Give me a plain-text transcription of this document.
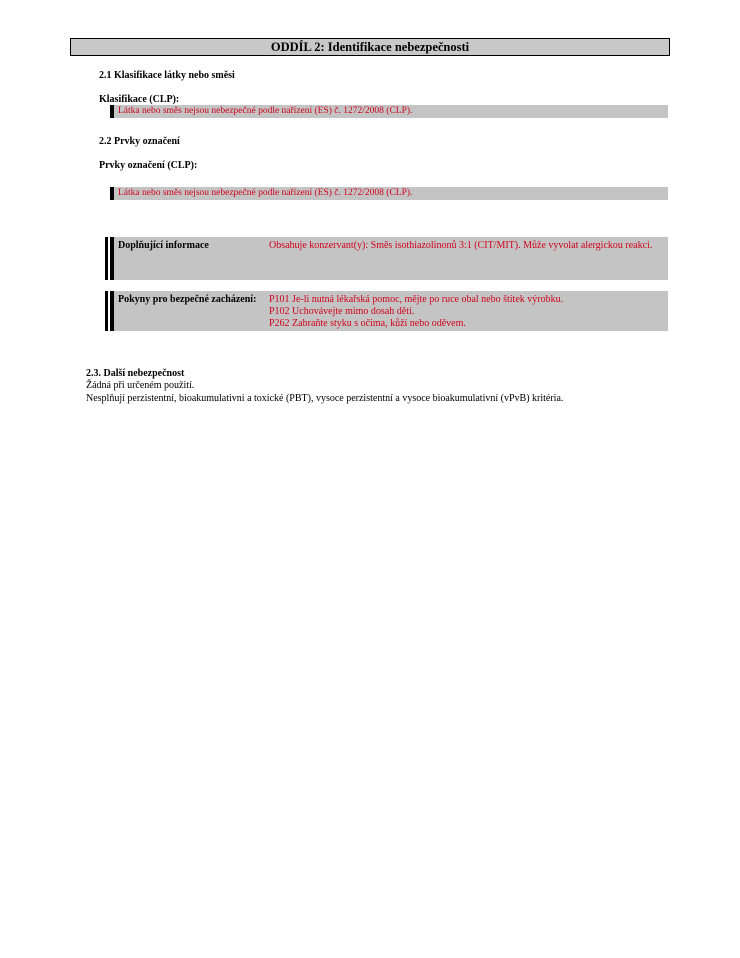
ODDÍL 2: Identifikace nebezpečnosti
2.1 Klasifikace látky nebo směsi
Klasifikace (CLP):
Látka nebo směs nejsou nebezpečné podle nařízení (ES) č. 1272/2008 (CLP).
2.2 Prvky označení
Prvky označení (CLP):
Látka nebo směs nejsou nebezpečné podle nařízení (ES) č. 1272/2008 (CLP).
Doplňující informace	Obsahuje konzervant(y): Směs isothiazolinonů 3:1 (CIT/MIT). Může vyvolat alergickou reakci.
Pokyny pro bezpečné zacházení: P101 Je-li nutná lékařská pomoc, mějte po ruce obal nebo štítek výrobku.
P102 Uchovávejte mimo dosah dětí.
P262 Zabraňte styku s očima, kůží nebo oděvem.
2.3. Další nebezpečnost
Žádná při určeném použití.
Nesplňují perzistentní, bioakumulativní a toxické (PBT), vysoce perzistentní a vysoce bioakumulativní (vPvB) kritéria.
